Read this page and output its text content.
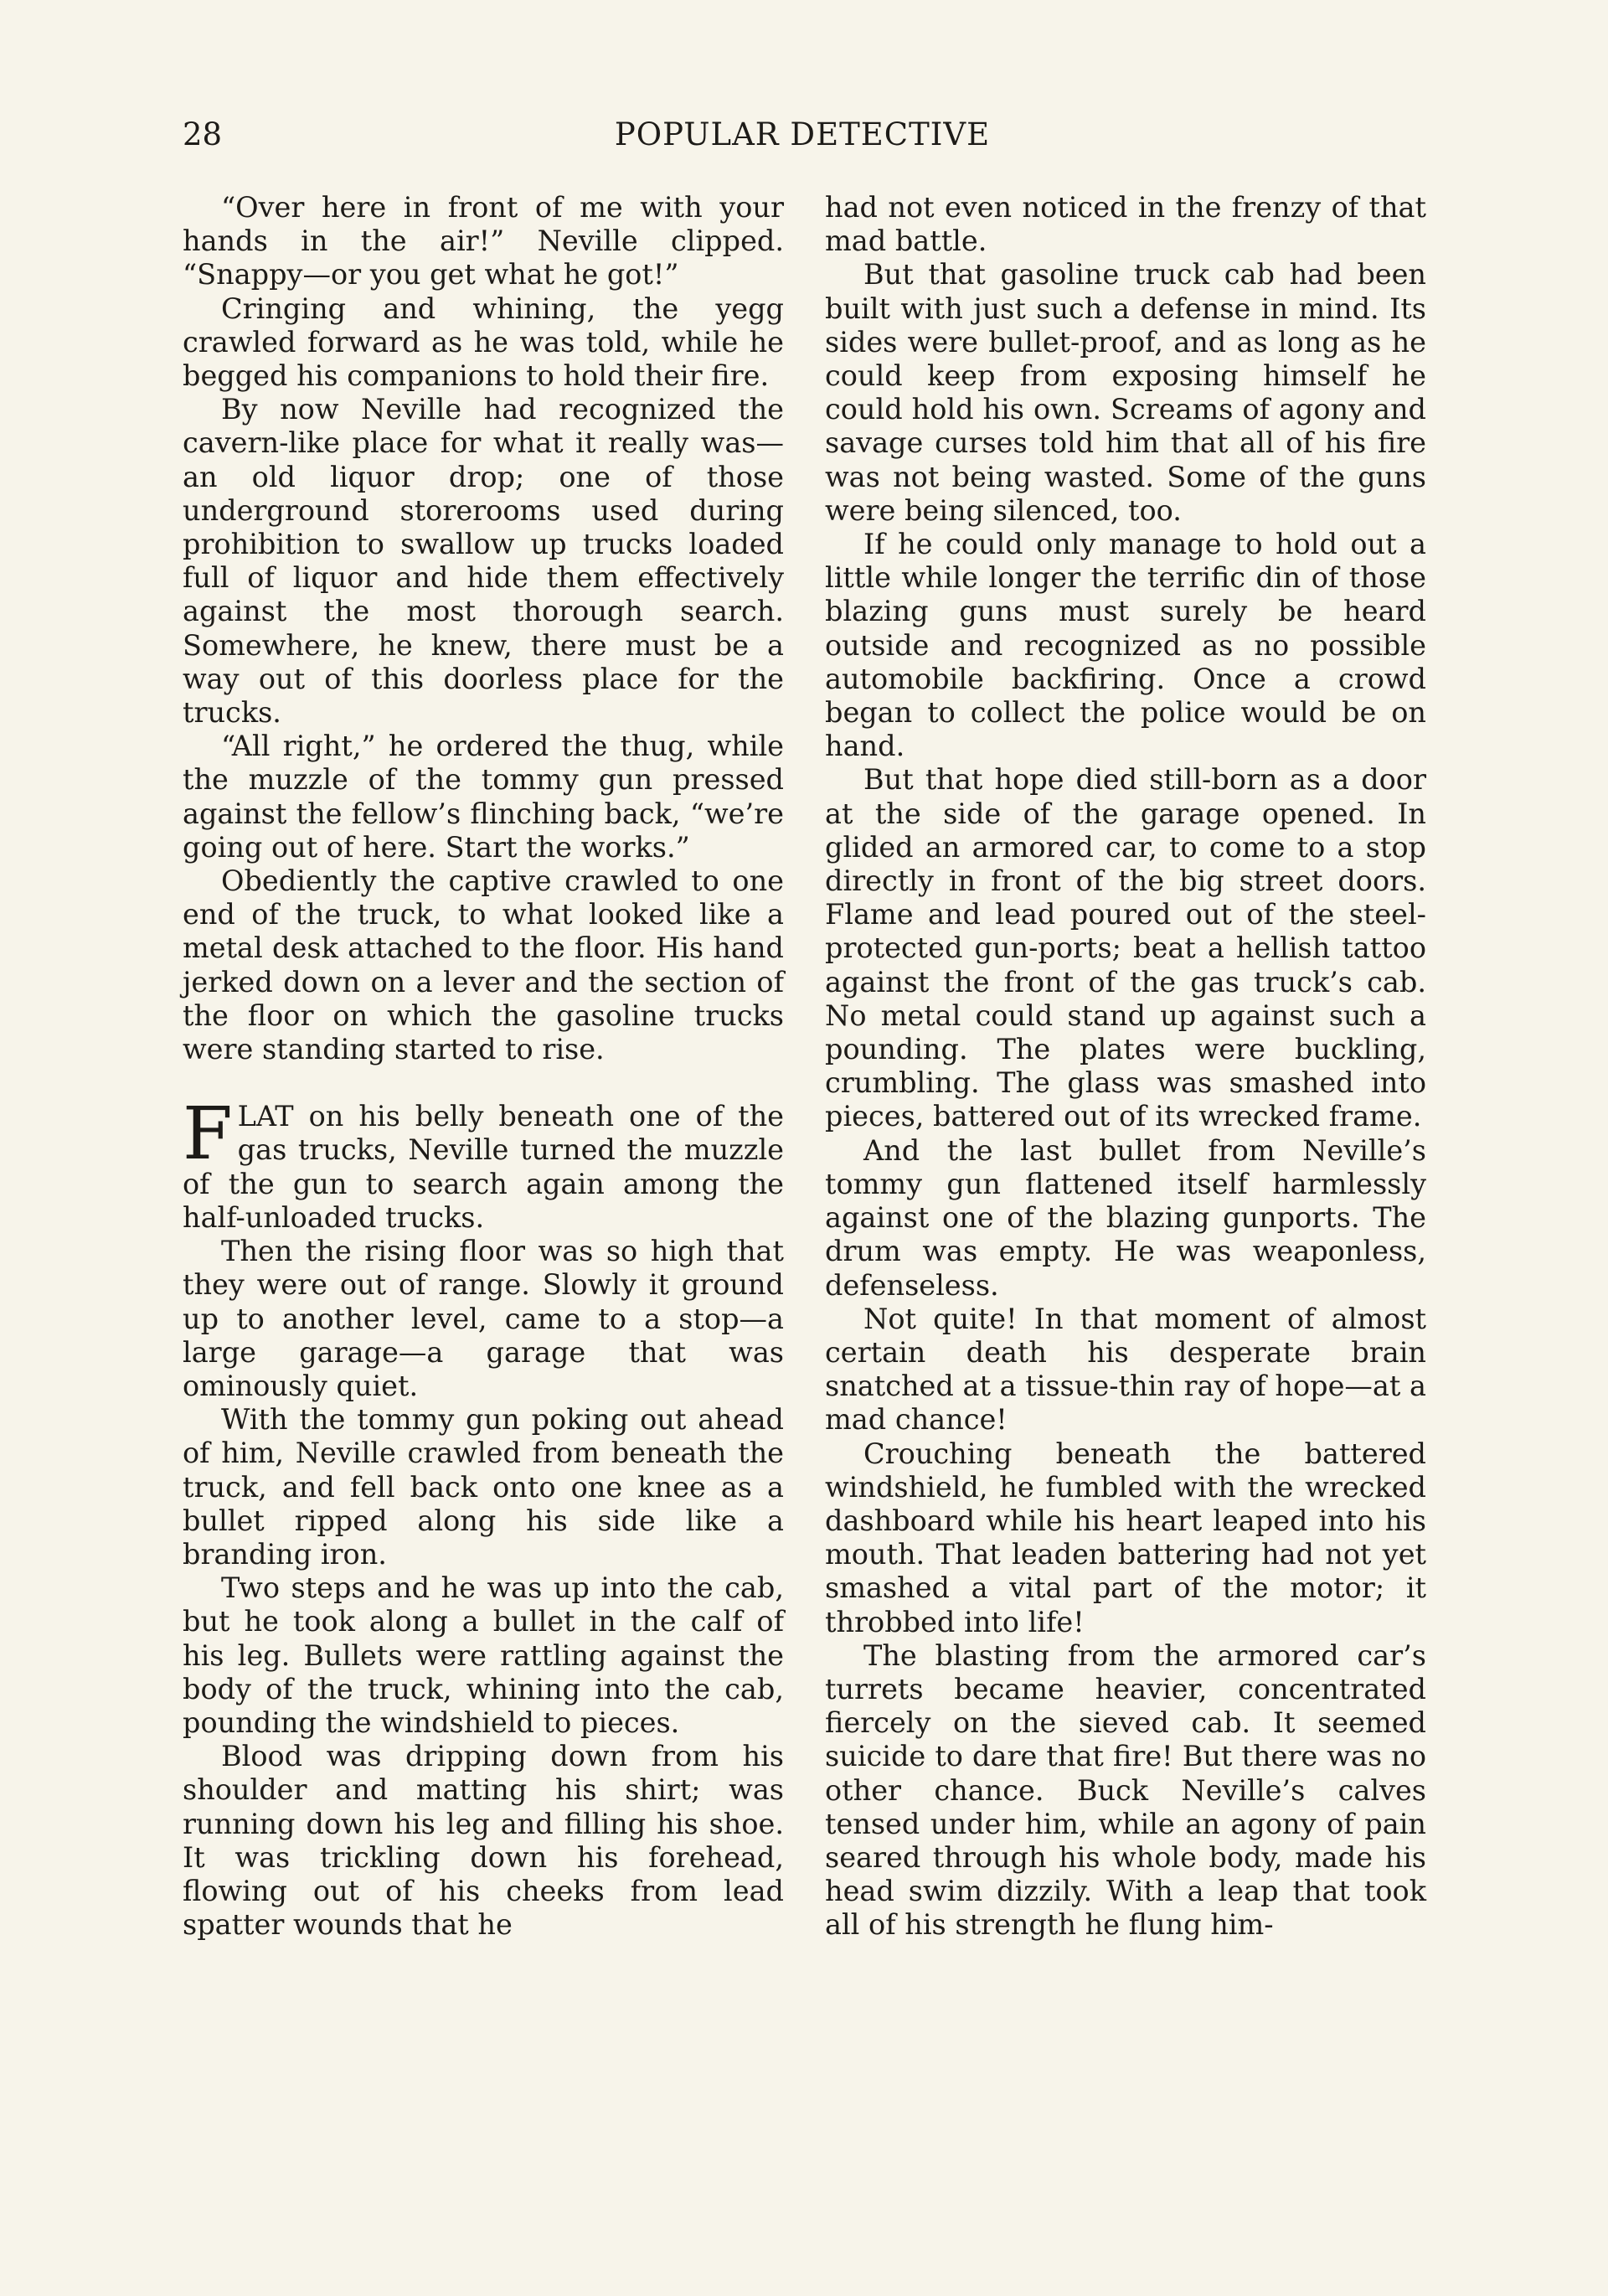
28	POPULAR DETECTIVE

“Over here in front of me with your hands in the air!” Neville clipped. “Snappy—or you get what he got!”

Cringing and whining, the yegg crawled forward as he was told, while he begged his companions to hold their fire.

By now Neville had recognized the cavern-like place for what it really was—an old liquor drop; one of those underground storerooms used during prohibition to swallow up trucks loaded full of liquor and hide them effectively against the most thorough search. Somewhere, he knew, there must be a way out of this doorless place for the trucks.

“All right,” he ordered the thug, while the muzzle of the tommy gun pressed against the fellow’s flinching back, “we’re going out of here. Start the works.”

Obediently the captive crawled to one end of the truck, to what looked like a metal desk attached to the floor. His hand jerked down on a lever and the section of the floor on which the gasoline trucks were standing started to rise.

FLAT on his belly beneath one of the gas trucks, Neville turned the muzzle of the gun to search again among the half-unloaded trucks.

Then the rising floor was so high that they were out of range. Slowly it ground up to another level, came to a stop—a large garage—a garage that was ominously quiet.

With the tommy gun poking out ahead of him, Neville crawled from beneath the truck, and fell back onto one knee as a bullet ripped along his side like a branding iron.

Two steps and he was up into the cab, but he took along a bullet in the calf of his leg. Bullets were rattling against the body of the truck, whining into the cab, pounding the windshield to pieces.

Blood was dripping down from his shoulder and matting his shirt; was running down his leg and filling his shoe. It was trickling down his forehead, flowing out of his cheeks from lead spatter wounds that he

had not even noticed in the frenzy of that mad battle.

But that gasoline truck cab had been built with just such a defense in mind. Its sides were bullet-proof, and as long as he could keep from exposing himself he could hold his own. Screams of agony and savage curses told him that all of his fire was not being wasted. Some of the guns were being silenced, too.

If he could only manage to hold out a little while longer the terrific din of those blazing guns must surely be heard outside and recognized as no possible automobile backfiring. Once a crowd began to collect the police would be on hand.

But that hope died still-born as a door at the side of the garage opened. In glided an armored car, to come to a stop directly in front of the big street doors. Flame and lead poured out of the steel-protected gun-ports; beat a hellish tattoo against the front of the gas truck’s cab. No metal could stand up against such a pounding. The plates were buckling, crumbling. The glass was smashed into pieces, battered out of its wrecked frame.

And the last bullet from Neville’s tommy gun flattened itself harmlessly against one of the blazing gunports. The drum was empty. He was weaponless, defenseless.

Not quite! In that moment of almost certain death his desperate brain snatched at a tissue-thin ray of hope—at a mad chance!

Crouching beneath the battered windshield, he fumbled with the wrecked dashboard while his heart leaped into his mouth. That leaden battering had not yet smashed a vital part of the motor; it throbbed into life!

The blasting from the armored car’s turrets became heavier, concentrated fiercely on the sieved cab. It seemed suicide to dare that fire! But there was no other chance. Buck Neville’s calves tensed under him, while an agony of pain seared through his whole body, made his head swim dizzily. With a leap that took all of his strength he flung him-
